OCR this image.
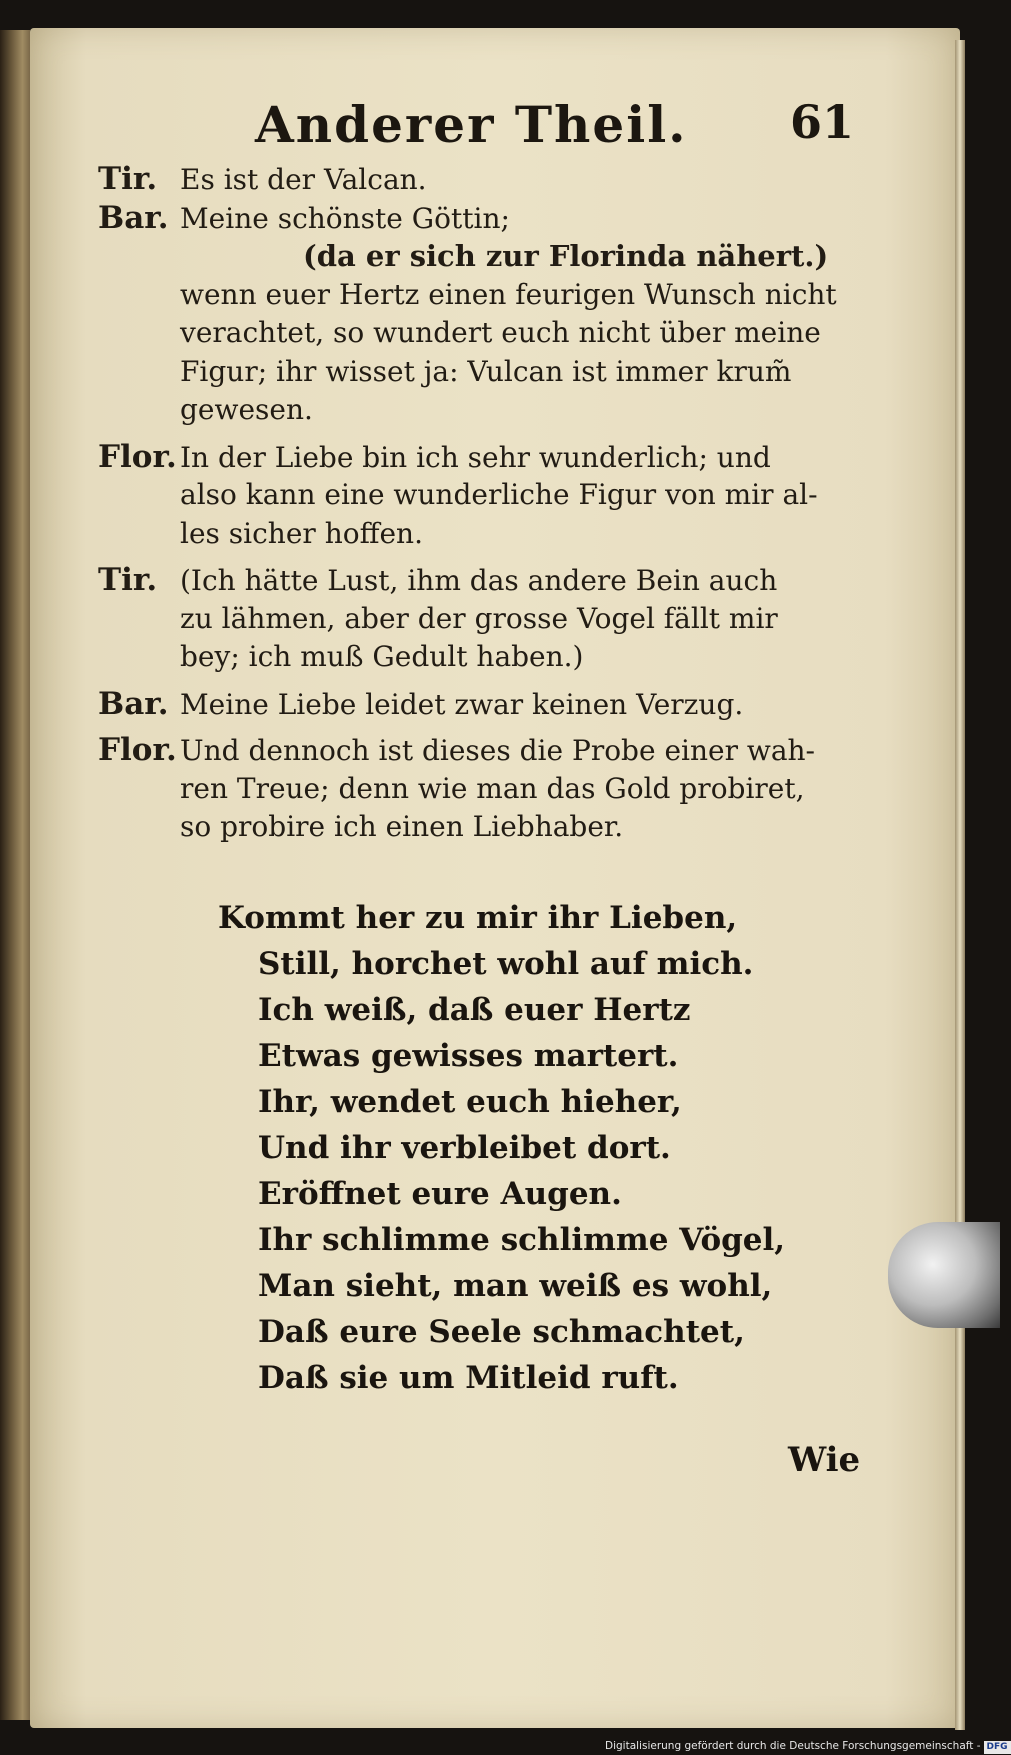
Anderer Theil. 61
Tir. Es ist der Valcan.
Bar. Meine schönste Göttin;
(da er sich zur Florinda nähert.)
wenn euer Hertz einen feurigen Wunsch nicht
verachtet, so wundert euch nicht über meine
Figur; ihr wisset ja: Vulcan ist immer krum̃
gewesen.
Flor. In der Liebe bin ich sehr wunderlich; und
also kann eine wunderliche Figur von mir al-
les sicher hoffen.
Tir. (Ich hätte Lust, ihm das andere Bein auch
zu lähmen, aber der grosse Vogel fällt mir
bey; ich muß Gedult haben.)
Bar. Meine Liebe leidet zwar keinen Verzug.
Flor. Und dennoch ist dieses die Probe einer wah-
ren Treue; denn wie man das Gold probiret,
so probire ich einen Liebhaber.
Kommt her zu mir ihr Lieben,
Still, horchet wohl auf mich.
Ich weiß, daß euer Hertz
Etwas gewisses martert.
Ihr, wendet euch hieher,
Und ihr verbleibet dort.
Eröffnet eure Augen.
Ihr schlimme schlimme Vögel,
Man sieht, man weiß es wohl,
Daß eure Seele schmachtet,
Daß sie um Mitleid ruft.
Wie
Digitalisierung gefördert durch die Deutsche Forschungsgemeinschaft - DFG
